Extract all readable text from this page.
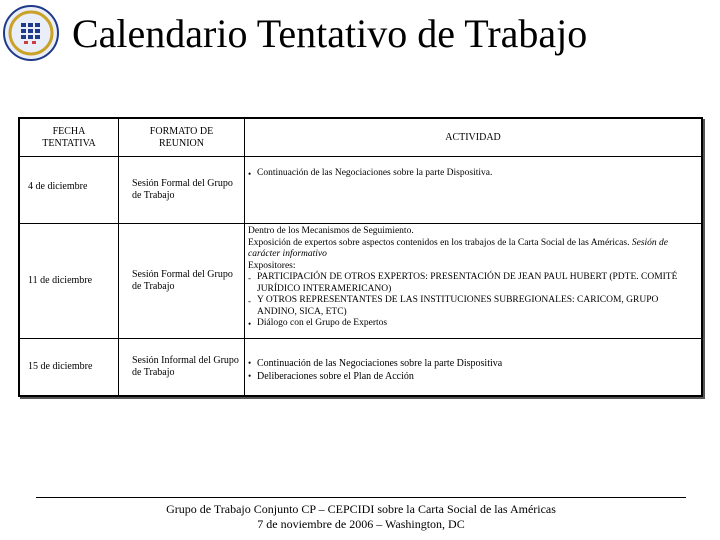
Calendario Tentativo de Trabajo
FECHA TENTATIVA
FORMATO DE REUNION
ACTIVIDAD
4 de diciembre	Sesión Formal del Grupo de Trabajo
• Continuación de las Negociaciones sobre la parte Dispositiva.
11 de diciembre
Sesión Formal del Grupo de Trabajo
Dentro de los Mecanismos de Seguimiento.
Exposición de expertos sobre aspectos contenidos en los trabajos de la Carta Social de las Américas. Sesión de carácter informativo
Expositores:
- PARTICIPACIÓN DE OTROS EXPERTOS: PRESENTACIÓN DE JEAN PAUL HUBERT (PDTE. COMITÉ JURÍDICO INTERAMERICANO)
- Y OTROS REPRESENTANTES DE LAS INSTITUCIONES SUBREGIONALES: CARICOM, GRUPO ANDINO, SICA, ETC)
• Diálogo con el Grupo de Expertos
15 de diciembre
Sesión Informal del Grupo de Trabajo
• Continuación de las Negociaciones sobre la parte Dispositiva
• Deliberaciones sobre el Plan de Acción
Grupo de Trabajo Conjunto CP – CEPCIDI sobre la Carta Social de las Américas
7 de noviembre de 2006 – Washington, DC
